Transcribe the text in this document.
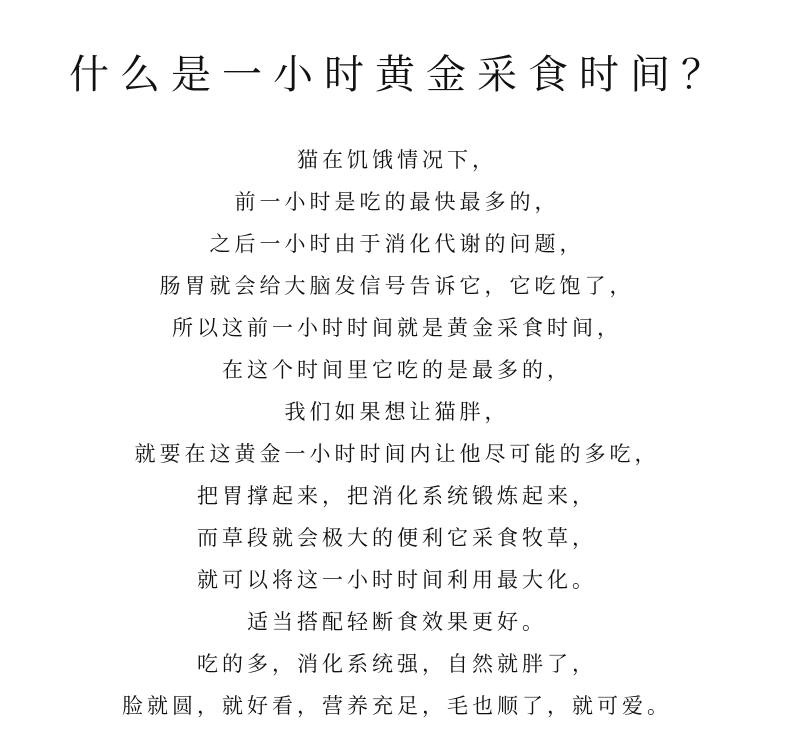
什么是一小时黄金采食时间？
猫在饥饿情况下，
前一小时是吃的最快最多的，
之后一小时由于消化代谢的问题，
肠胃就会给大脑发信号告诉它，它吃饱了，
所以这前一小时时间就是黄金采食时间，
在这个时间里它吃的是最多的，
我们如果想让猫胖，
就要在这黄金一小时时间内让他尽可能的多吃，
把胃撑起来，把消化系统锻炼起来，
而草段就会极大的便利它采食牧草，
就可以将这一小时时间利用最大化。
适当搭配轻断食效果更好。
吃的多，消化系统强，自然就胖了，
脸就圆，就好看，营养充足，毛也顺了，就可爱。
